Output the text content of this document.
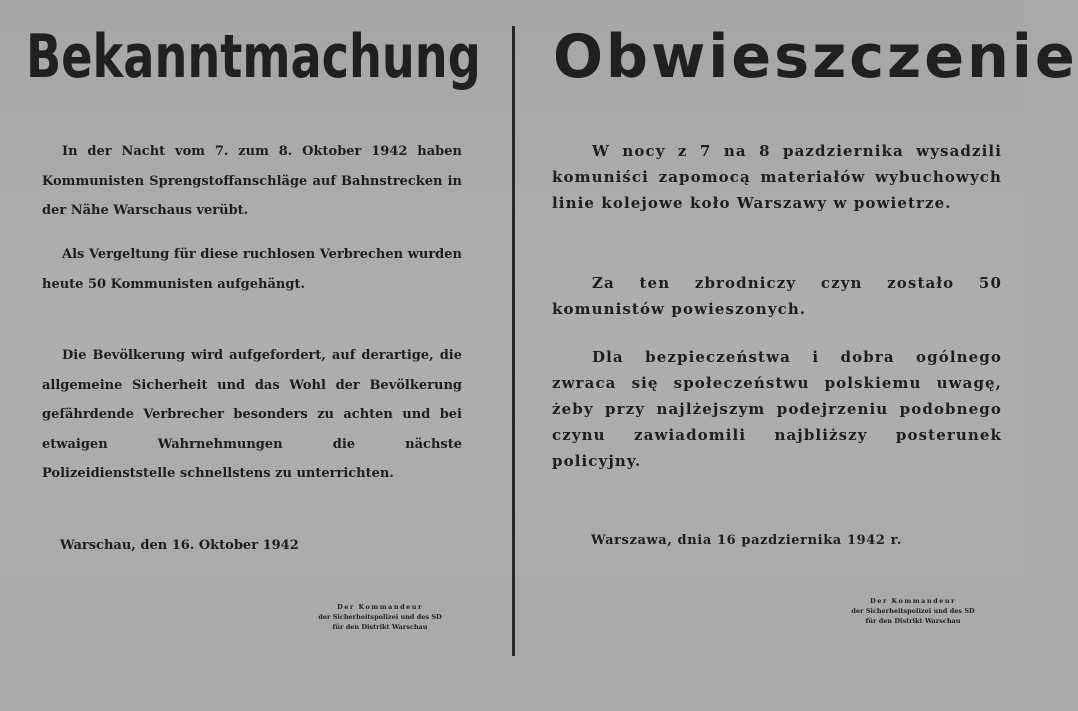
Bekanntmachung

In der Nacht vom 7. zum 8. Oktober 1942 haben Kommunisten Sprengstoffanschläge auf Bahnstrecken in der Nähe Warschaus verübt.

Als Vergeltung für diese ruchlosen Verbrechen wurden heute 50 Kommunisten aufgehängt.

Die Bevölkerung wird aufgefordert, auf derartige, die allgemeine Sicherheit und das Wohl der Bevölkerung gefährdende Verbrecher besonders zu achten und bei etwaigen Wahrnehmungen die nächste Polizeidienststelle schnellstens zu unterrichten.

Warschau, den 16. Oktober 1942

Der Kommandeur
der Sicherheitspolizei und des SD
für den Distrikt Warschau

Obwieszczenie

W nocy z 7 na 8 pazdziernika wysadzili komuniści zapomocą materiałów wybuchowych linie kolejowe koło Warszawy w powietrze.

Za ten zbrodniczy czyn zostało 50 komunistów powieszonych.

Dla bezpieczeństwa i dobra ogólnego zwraca się społeczeństwu polskiemu uwagę, żeby przy najlżejszym podejrzeniu podobnego czynu zawiadomili najbliższy posterunek policyjny.

Warszawa, dnia 16 pazdziernika 1942 r.

Der Kommandeur
der Sicherheitspolizei und des SD
für den Distrikt Warschau
